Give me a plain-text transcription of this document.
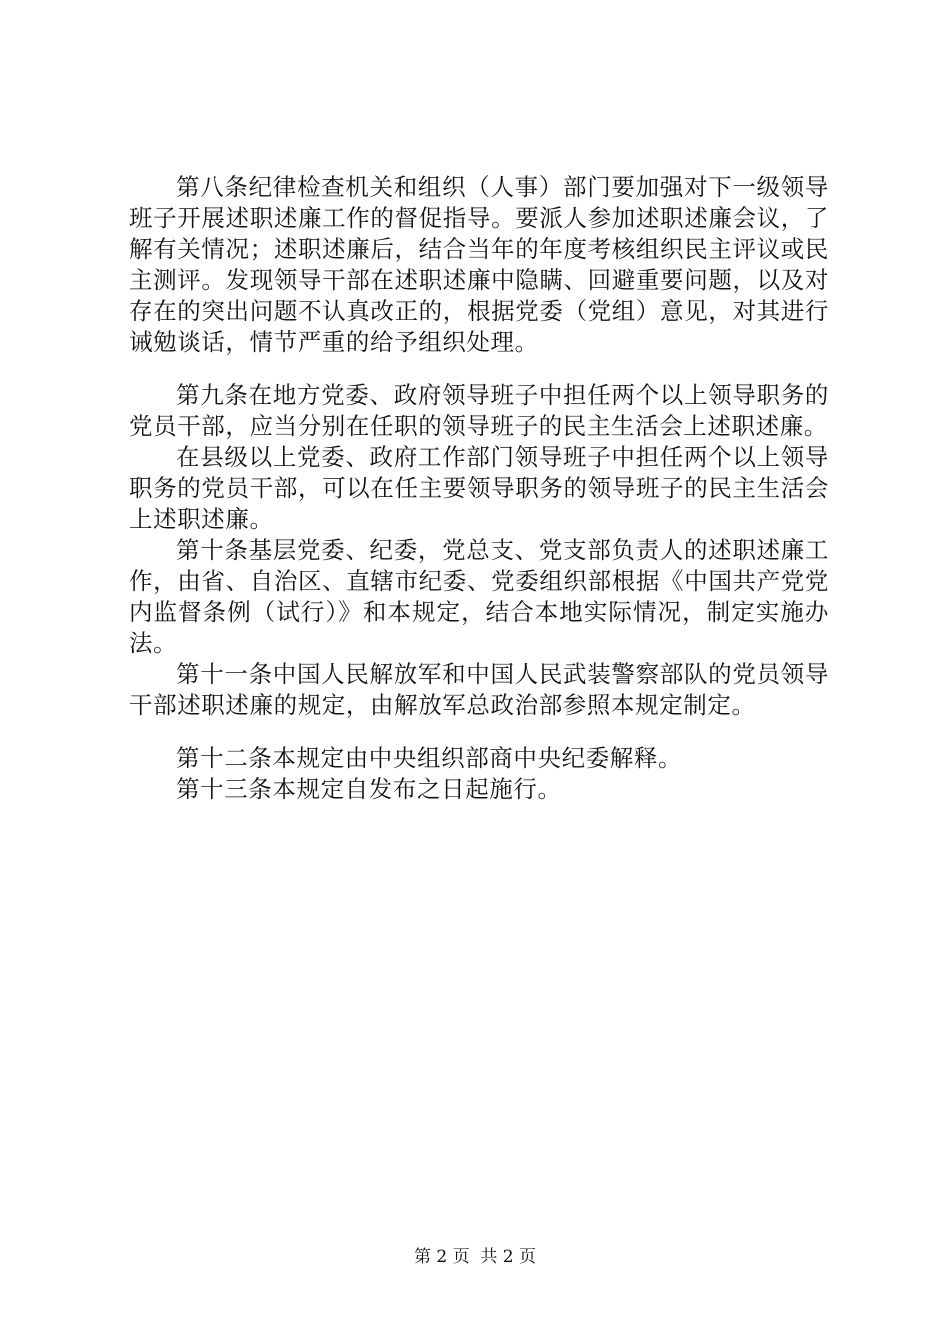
第八条纪律检查机关和组织（人事）部门要加强对下一级领导班子开展述职述廉工作的督促指导。要派人参加述职述廉会议，了解有关情况；述职述廉后，结合当年的年度考核组织民主评议或民主测评。发现领导干部在述职述廉中隐瞒、回避重要问题，以及对存在的突出问题不认真改正的，根据党委（党组）意见，对其进行诫勉谈话，情节严重的给予组织处理。

第九条在地方党委、政府领导班子中担任两个以上领导职务的党员干部，应当分别在任职的领导班子的民主生活会上述职述廉。

在县级以上党委、政府工作部门领导班子中担任两个以上领导职务的党员干部，可以在任主要领导职务的领导班子的民主生活会上述职述廉。

第十条基层党委、纪委，党总支、党支部负责人的述职述廉工作，由省、自治区、直辖市纪委、党委组织部根据《中国共产党党内监督条例（试行）》和本规定，结合本地实际情况，制定实施办法。

第十一条中国人民解放军和中国人民武装警察部队的党员领导干部述职述廉的规定，由解放军总政治部参照本规定制定。

第十二条本规定由中央组织部商中央纪委解释。

第十三条本规定自发布之日起施行。

第 2 页  共 2 页
